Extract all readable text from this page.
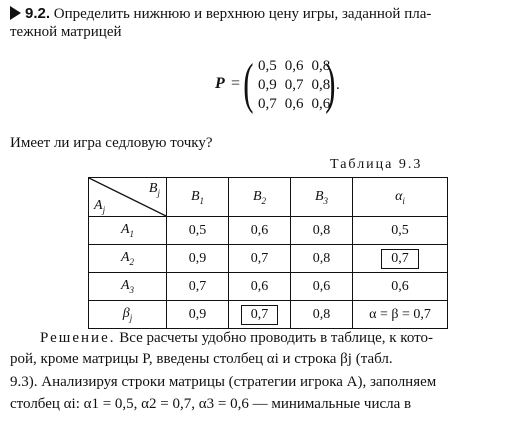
9.2. Определить нижнюю и верхнюю цену игры, заданной пла-
тежной матрицей
P = ( 0,5	0,6	0,8
0,9	0,7	0,8
0,7	0,6	0,6
) .
Имеет ли игра седловую точку?
Таблица 9.3
$B_j$
$A_j$	$B_1$	$B_2$	$B_3$	$\alpha_i$
$A_1$	0,5	0,6	0,8	0,5
$A_2$	0,9	0,7	0,8	0,7
$A_3$	0,7	0,6	0,6	0,6
$\beta_j$	0,9	0,7	0,8	α = β = 0,7
Решение. Все расчеты удобно проводить в таблице, к кото-
рой, кроме матрицы P, введены столбец αi и строка βj (табл.
9.3). Анализируя строки матрицы (стратегии игрока A), заполняем
столбец αi: α1 = 0,5, α2 = 0,7, α3 = 0,6 — минимальные числа в
